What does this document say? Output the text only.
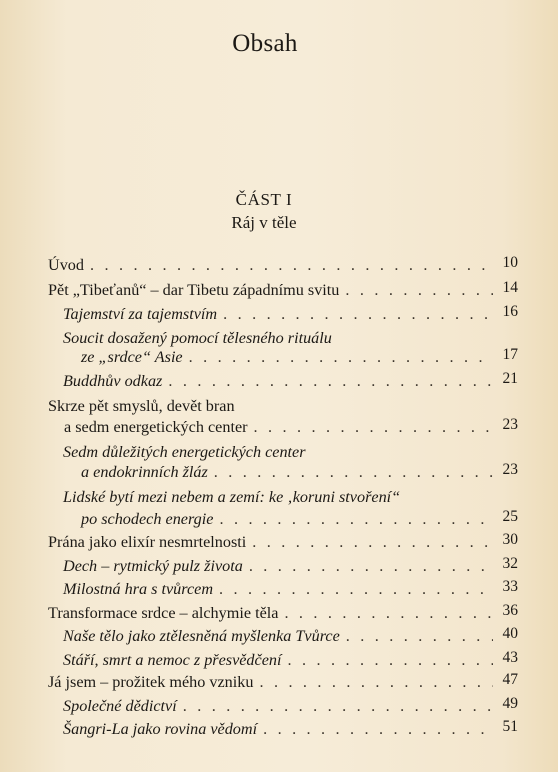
Obsah
ČÁST I
Ráj v těle
Úvod . . .	10
Pět „Tibeťanů“ – dar Tibetu západnímu svitu . . .	14
Tajemství za tajemstvím . . .	16
Soucit dosažený pomocí tělesného rituálu
ze „srdce“ Asie . . .	17
Buddhův odkaz . . .	21
Skrze pět smyslů, devět bran
a sedm energetických center . . .	23
Sedm důležitých energetických center
a endokrinních žláz . . .	23
Lidské bytí mezi nebem a zemí: ke ‚koruni stvoření“
po schodech energie . . .	25
Prána jako elixír nesmrtelnosti . . .	30
Dech – rytmický pulz života . . .	32
Milostná hra s tvůrcem . . .	33
Transformace srdce – alchymie těla . . .	36
Naše tělo jako ztělesněná myšlenka Tvůrce . . .	40
Stáří, smrt a nemoc z přesvědčení . . .	43
Já jsem – prožitek mého vzniku . . .	47
Společné dědictví . . .	49
Šangri-La jako rovina vědomí . . .	51
